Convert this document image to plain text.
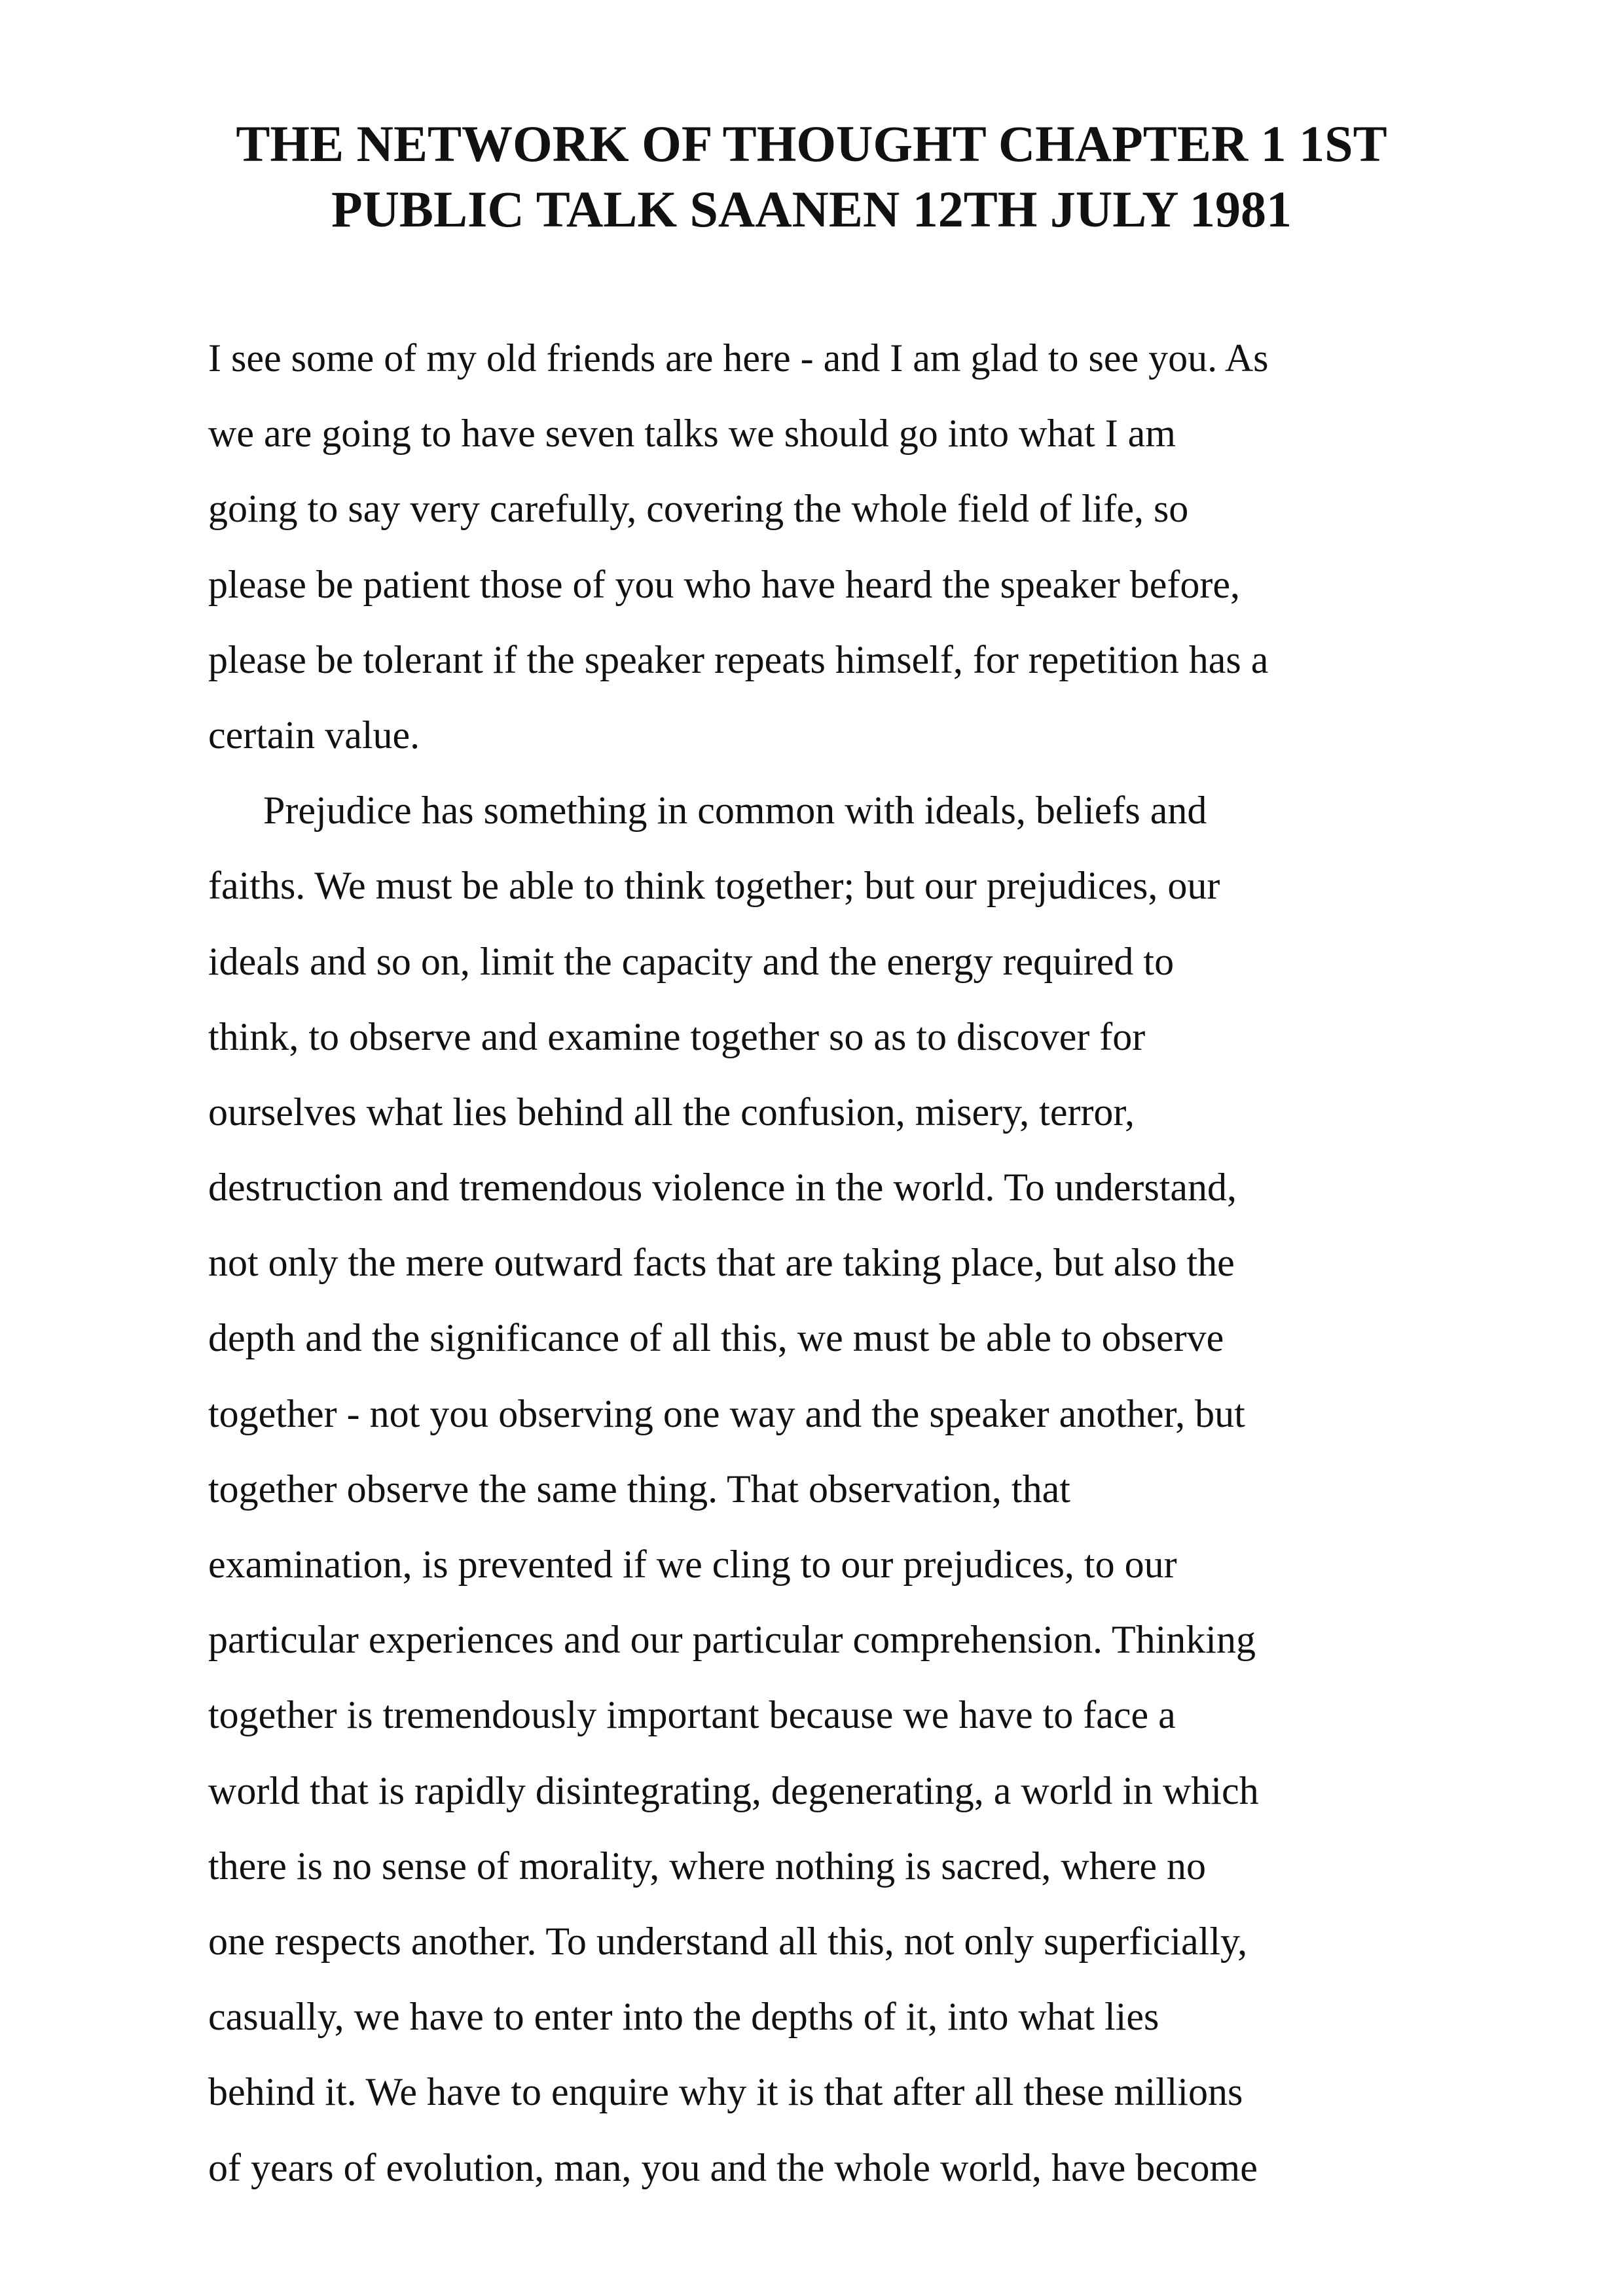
THE NETWORK OF THOUGHT CHAPTER 1 1ST
PUBLIC TALK SAANEN 12TH JULY 1981
I see some of my old friends are here - and I am glad to see you. As
we are going to have seven talks we should go into what I am
going to say very carefully, covering the whole field of life, so
please be patient those of you who have heard the speaker before,
please be tolerant if the speaker repeats himself, for repetition has a
certain value.
Prejudice has something in common with ideals, beliefs and
faiths. We must be able to think together; but our prejudices, our
ideals and so on, limit the capacity and the energy required to
think, to observe and examine together so as to discover for
ourselves what lies behind all the confusion, misery, terror,
destruction and tremendous violence in the world. To understand,
not only the mere outward facts that are taking place, but also the
depth and the significance of all this, we must be able to observe
together - not you observing one way and the speaker another, but
together observe the same thing. That observation, that
examination, is prevented if we cling to our prejudices, to our
particular experiences and our particular comprehension. Thinking
together is tremendously important because we have to face a
world that is rapidly disintegrating, degenerating, a world in which
there is no sense of morality, where nothing is sacred, where no
one respects another. To understand all this, not only superficially,
casually, we have to enter into the depths of it, into what lies
behind it. We have to enquire why it is that after all these millions
of years of evolution, man, you and the whole world, have become
